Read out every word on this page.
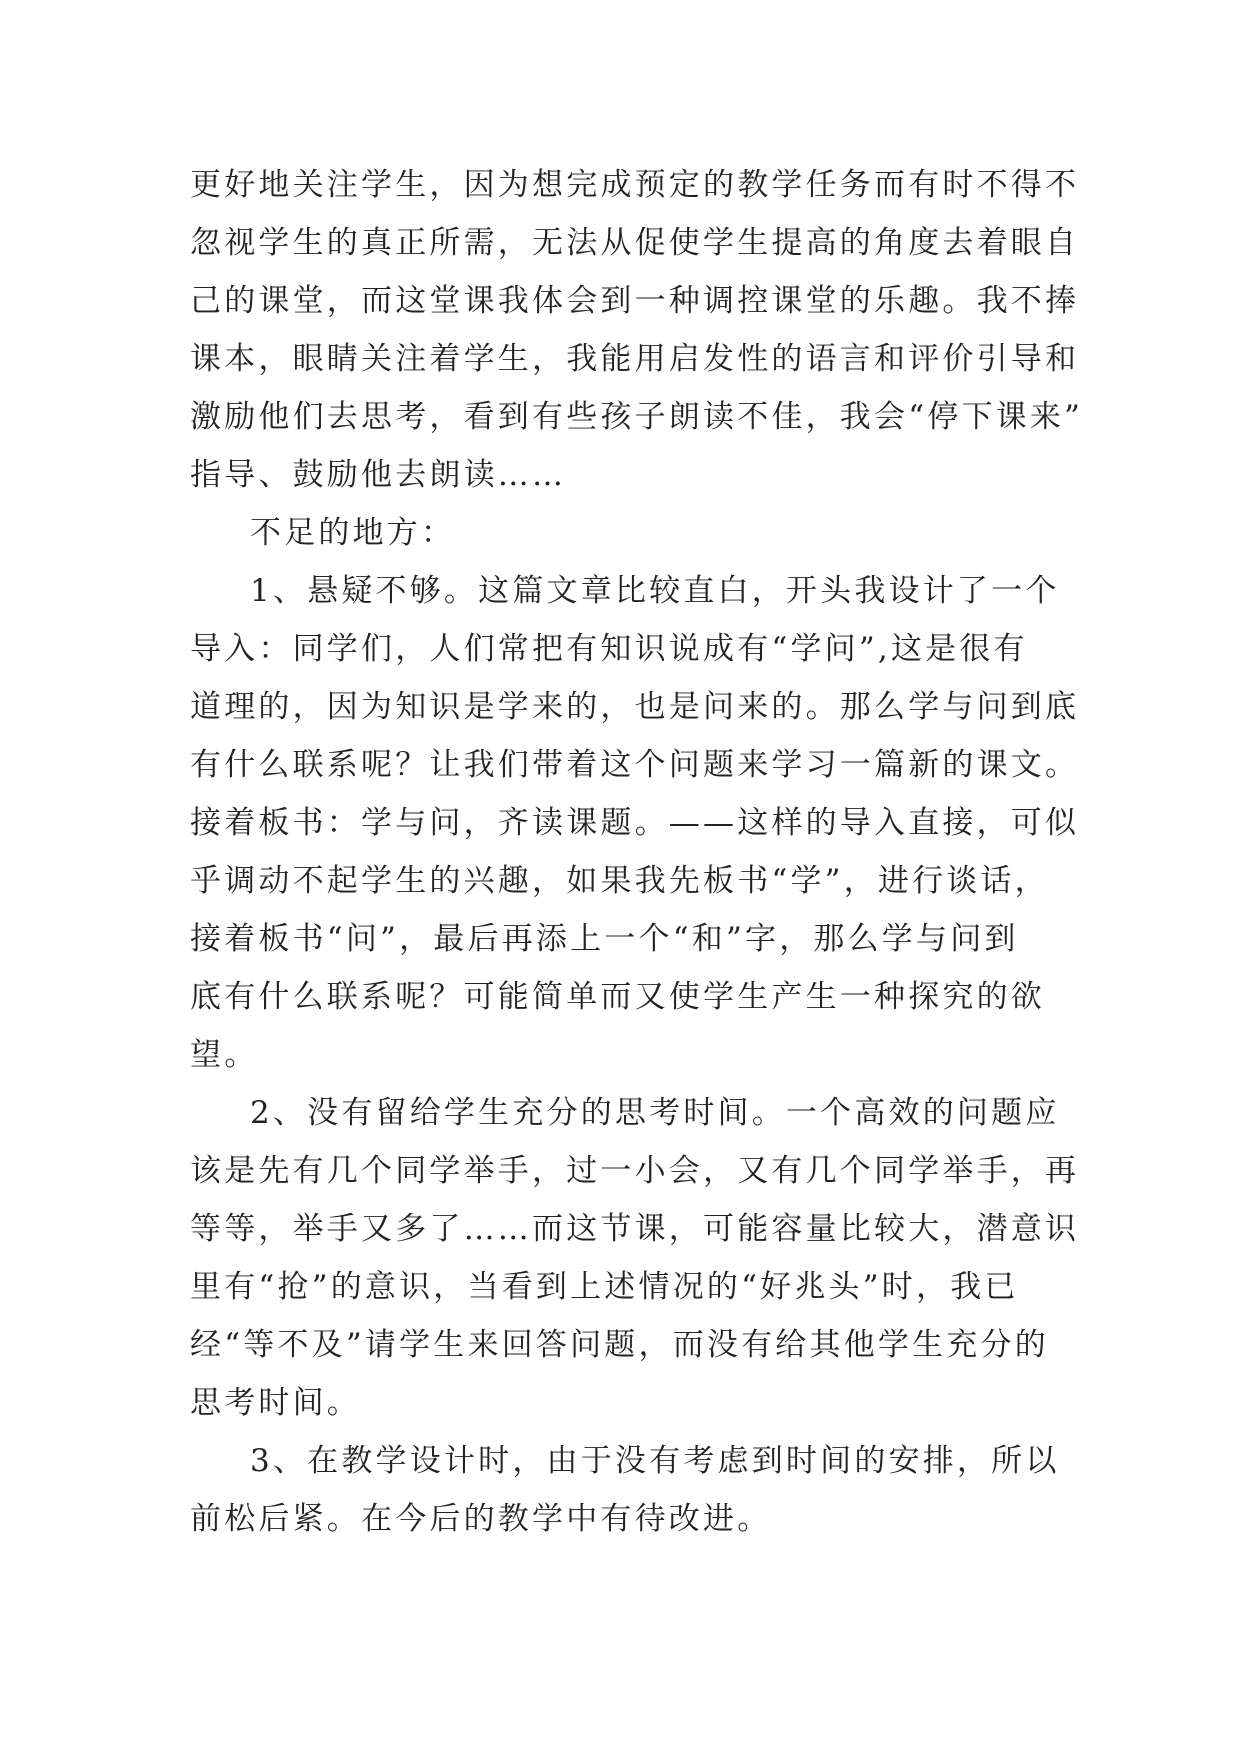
更好地关注学生，因为想完成预定的教学任务而有时不得不
忽视学生的真正所需，无法从促使学生提高的角度去着眼自
己的课堂，而这堂课我体会到一种调控课堂的乐趣。我不捧
课本，眼睛关注着学生，我能用启发性的语言和评价引导和
激励他们去思考，看到有些孩子朗读不佳，我会“停下课来”
指导、鼓励他去朗读……
不足的地方：
1、悬疑不够。这篇文章比较直白，开头我设计了一个
导入：同学们，人们常把有知识说成有“学问”,这是很有
道理的，因为知识是学来的，也是问来的。那么学与问到底
有什么联系呢？让我们带着这个问题来学习一篇新的课文。
接着板书：学与问，齐读课题。——这样的导入直接，可似
乎调动不起学生的兴趣，如果我先板书“学”，进行谈话，
接着板书“问”，最后再添上一个“和”字，那么学与问到
底有什么联系呢？可能简单而又使学生产生一种探究的欲
望。
2、没有留给学生充分的思考时间。一个高效的问题应
该是先有几个同学举手，过一小会，又有几个同学举手，再
等等，举手又多了……而这节课，可能容量比较大，潜意识
里有“抢”的意识，当看到上述情况的“好兆头”时，我已
经“等不及”请学生来回答问题，而没有给其他学生充分的
思考时间。
3、在教学设计时，由于没有考虑到时间的安排，所以
前松后紧。在今后的教学中有待改进。
